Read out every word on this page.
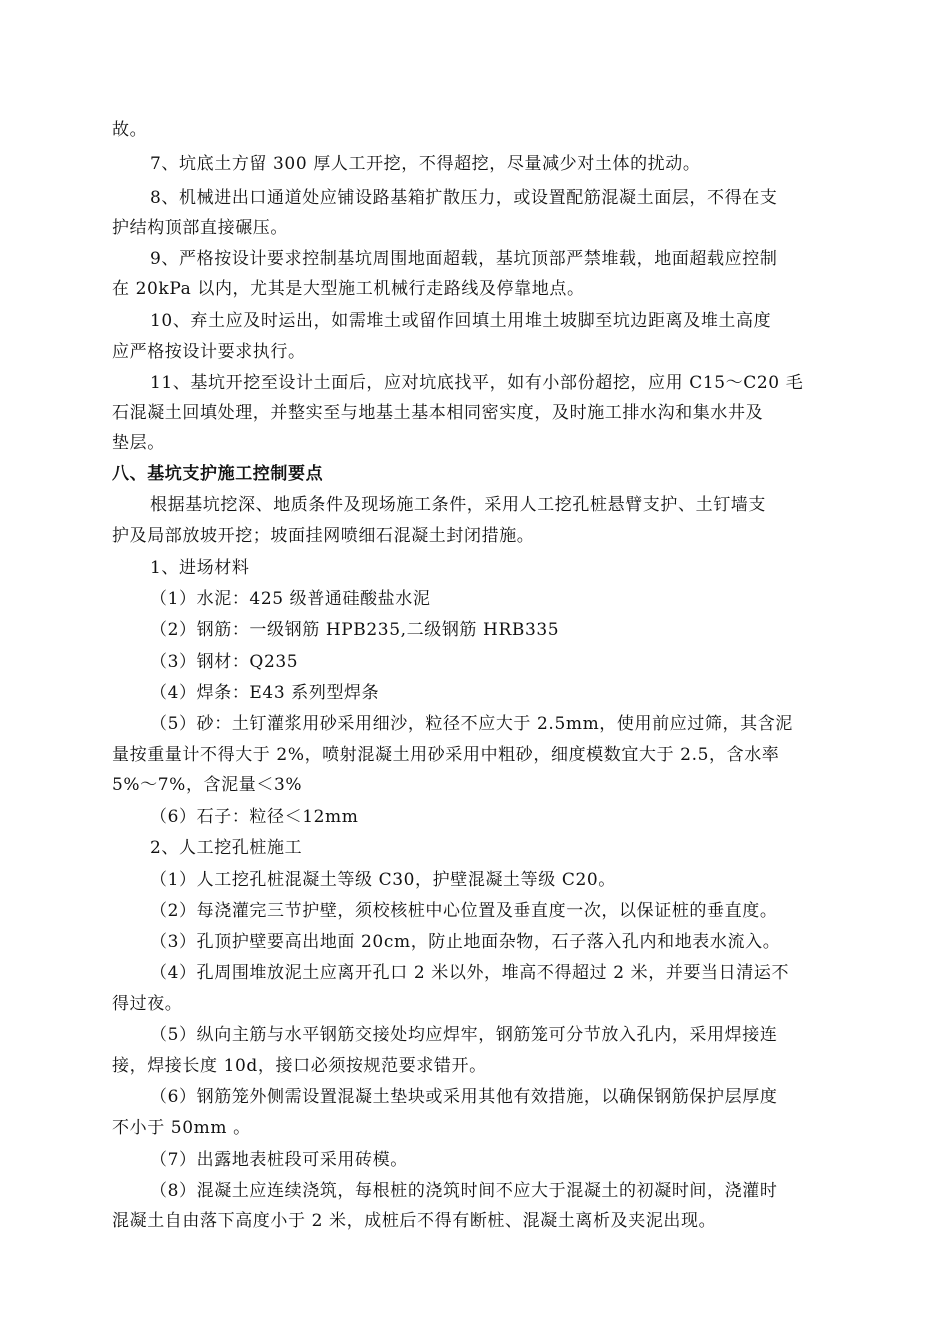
故。
7、坑底土方留 300 厚人工开挖，不得超挖，尽量减少对土体的扰动。
8、机械进出口通道处应铺设路基箱扩散压力，或设置配筋混凝土面层，不得在支
护结构顶部直接碾压。
9、严格按设计要求控制基坑周围地面超载，基坑顶部严禁堆载，地面超载应控制
在 20kPa 以内，尤其是大型施工机械行走路线及停靠地点。
10、弃土应及时运出，如需堆土或留作回填土用堆土坡脚至坑边距离及堆土高度
应严格按设计要求执行。
11、基坑开挖至设计土面后，应对坑底找平，如有小部份超挖，应用 C15～C20 毛
石混凝土回填处理，并整实至与地基土基本相同密实度，及时施工排水沟和集水井及
垫层。
八、基坑支护施工控制要点
根据基坑挖深、地质条件及现场施工条件，采用人工挖孔桩悬臂支护、土钉墙支
护及局部放坡开挖；坡面挂网喷细石混凝土封闭措施。
1、进场材料
（1）水泥：425 级普通硅酸盐水泥
（2）钢筋：一级钢筋 HPB235,二级钢筋 HRB335
（3）钢材：Q235
（4）焊条：E43 系列型焊条
（5）砂：土钉灌浆用砂采用细沙，粒径不应大于 2.5mm，使用前应过筛，其含泥
量按重量计不得大于 2%，喷射混凝土用砂采用中粗砂，细度模数宜大于 2.5，含水率
5%～7%，含泥量＜3%
（6）石子：粒径＜12mm
2、人工挖孔桩施工
（1）人工挖孔桩混凝土等级 C30，护壁混凝土等级 C20。
（2）每浇灌完三节护壁，须校核桩中心位置及垂直度一次，以保证桩的垂直度。
（3）孔顶护壁要高出地面 20cm，防止地面杂物，石子落入孔内和地表水流入。
（4）孔周围堆放泥土应离开孔口 2 米以外，堆高不得超过 2 米，并要当日清运不
得过夜。
（5）纵向主筋与水平钢筋交接处均应焊牢，钢筋笼可分节放入孔内，采用焊接连
接，焊接长度 10d，接口必须按规范要求错开。
（6）钢筋笼外侧需设置混凝土垫块或采用其他有效措施，以确保钢筋保护层厚度
不小于 50mm 。
（7）出露地表桩段可采用砖模。
（8）混凝土应连续浇筑，每根桩的浇筑时间不应大于混凝土的初凝时间，浇灌时
混凝土自由落下高度小于 2 米，成桩后不得有断桩、混凝土离析及夹泥出现。
